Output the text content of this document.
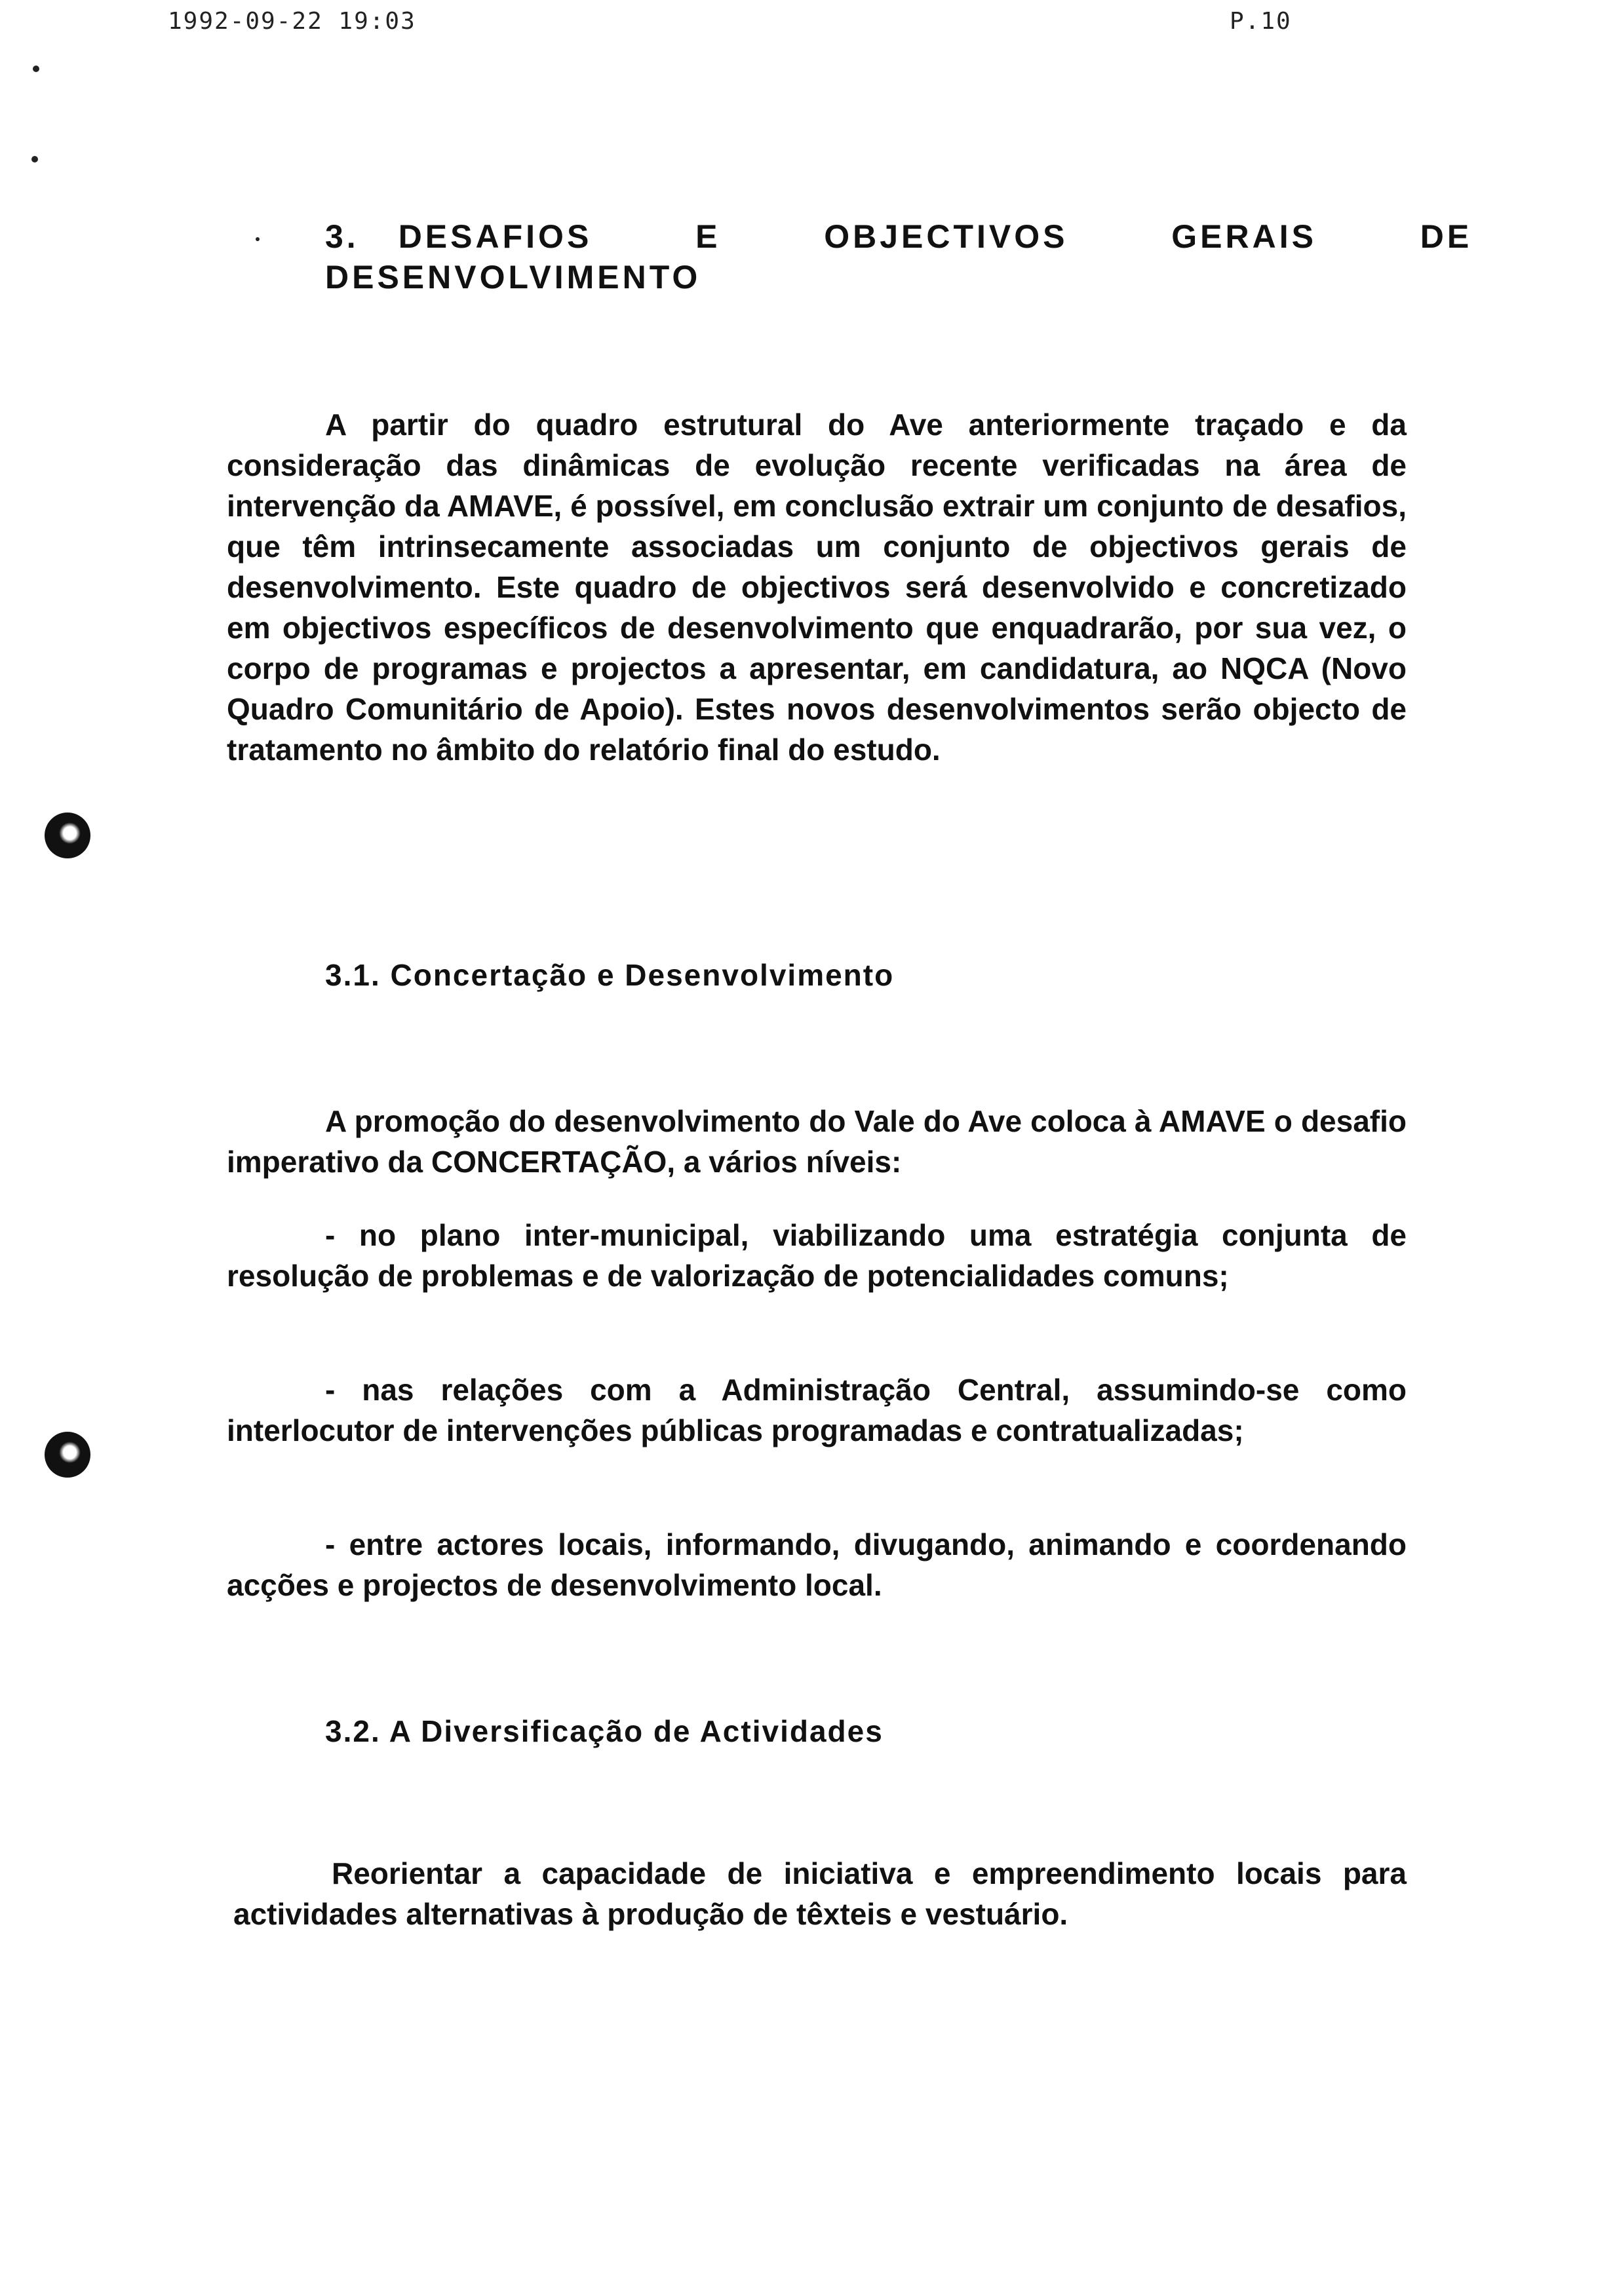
1992-09-22 19:03	P.10
3. DESAFIOS  E  OBJECTIVOS  GERAIS  DE
DESENVOLVIMENTO

A partir do quadro estrutural do Ave anteriormente traçado e da consideração das dinâmicas de evolução recente verificadas na área de intervenção da AMAVE, é possível, em conclusão extrair um conjunto de desafios, que têm intrinsecamente associadas um conjunto de objectivos gerais de desenvolvimento. Este quadro de objectivos será desenvolvido e concretizado em objectivos específicos de desenvolvimento que enquadrarão, por sua vez, o corpo de programas e projectos a apresentar, em candidatura, ao NQCA (Novo Quadro Comunitário de Apoio). Estes novos desenvolvimentos serão objecto de tratamento no âmbito do relatório final do estudo.

3.1. Concertação e Desenvolvimento

A promoção do desenvolvimento do Vale do Ave coloca à AMAVE o desafio imperativo da CONCERTAÇÃO, a vários níveis:

- no plano inter-municipal, viabilizando uma estratégia conjunta de resolução de problemas e de valorização de potencialidades comuns;

- nas relações com a Administração Central, assumindo-se como interlocutor de intervenções públicas programadas e contratualizadas;

- entre actores locais, informando, divugando, animando e coordenando acções e projectos de desenvolvimento local.

3.2. A Diversificação de Actividades

Reorientar a capacidade de iniciativa e empreendimento locais para actividades alternativas à produção de têxteis e vestuário.
